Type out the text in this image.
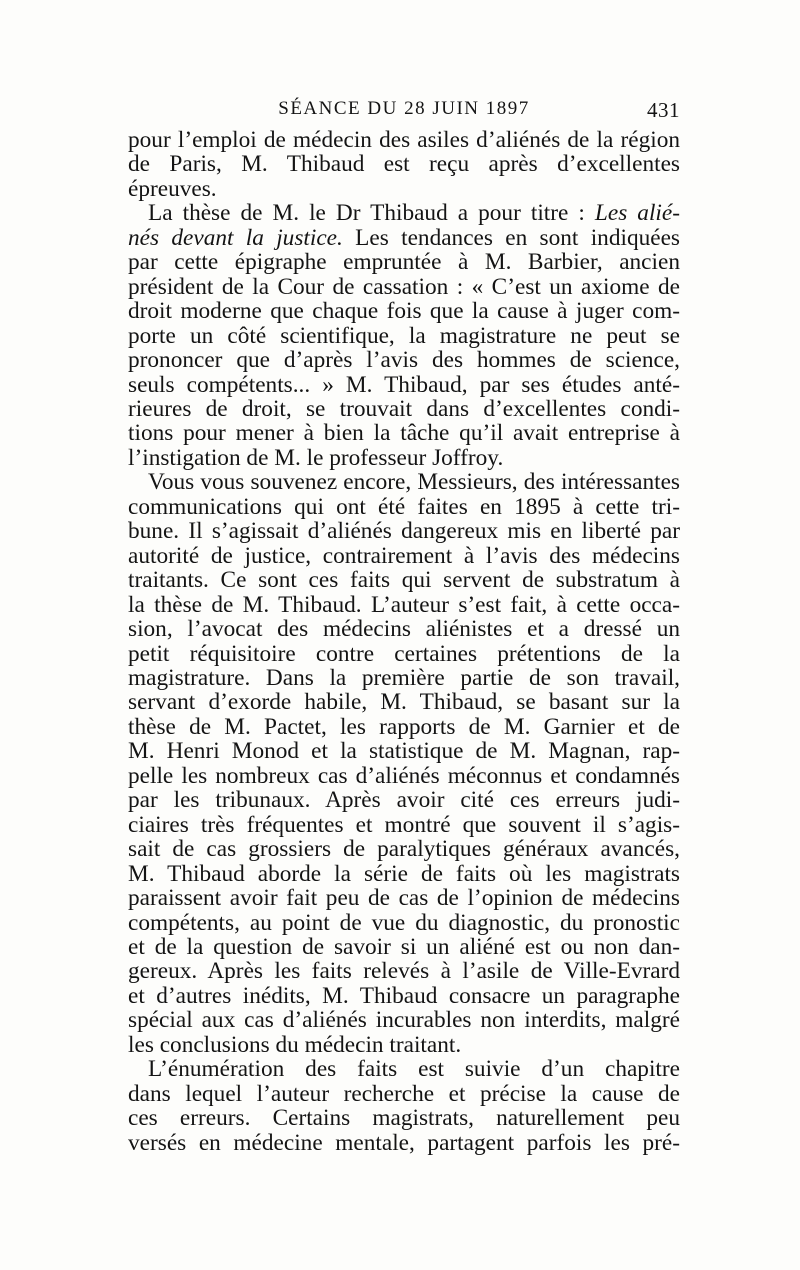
SÉANCE DU 28 JUIN 1897	431
pour l’emploi de médecin des asiles d’aliénés de la région
de Paris, M. Thibaud est reçu après d’excellentes
épreuves.
La thèse de M. le Dr Thibaud a pour titre : Les alié-
nés devant la justice. Les tendances en sont indiquées
par cette épigraphe empruntée à M. Barbier, ancien
président de la Cour de cassation : « C’est un axiome de
droit moderne que chaque fois que la cause à juger com-
porte un côté scientifique, la magistrature ne peut se
prononcer que d’après l’avis des hommes de science,
seuls compétents... » M. Thibaud, par ses études anté-
rieures de droit, se trouvait dans d’excellentes condi-
tions pour mener à bien la tâche qu’il avait entreprise à
l’instigation de M. le professeur Joffroy.
Vous vous souvenez encore, Messieurs, des intéressantes
communications qui ont été faites en 1895 à cette tri-
bune. Il s’agissait d’aliénés dangereux mis en liberté par
autorité de justice, contrairement à l’avis des médecins
traitants. Ce sont ces faits qui servent de substratum à
la thèse de M. Thibaud. L’auteur s’est fait, à cette occa-
sion, l’avocat des médecins aliénistes et a dressé un
petit réquisitoire contre certaines prétentions de la
magistrature. Dans la première partie de son travail,
servant d’exorde habile, M. Thibaud, se basant sur la
thèse de M. Pactet, les rapports de M. Garnier et de
M. Henri Monod et la statistique de M. Magnan, rap-
pelle les nombreux cas d’aliénés méconnus et condamnés
par les tribunaux. Après avoir cité ces erreurs judi-
ciaires très fréquentes et montré que souvent il s’agis-
sait de cas grossiers de paralytiques généraux avancés,
M. Thibaud aborde la série de faits où les magistrats
paraissent avoir fait peu de cas de l’opinion de médecins
compétents, au point de vue du diagnostic, du pronostic
et de la question de savoir si un aliéné est ou non dan-
gereux. Après les faits relevés à l’asile de Ville-Evrard
et d’autres inédits, M. Thibaud consacre un paragraphe
spécial aux cas d’aliénés incurables non interdits, malgré
les conclusions du médecin traitant.
L’énumération des faits est suivie d’un chapitre
dans lequel l’auteur recherche et précise la cause de
ces erreurs. Certains magistrats, naturellement peu
versés en médecine mentale, partagent parfois les pré-
